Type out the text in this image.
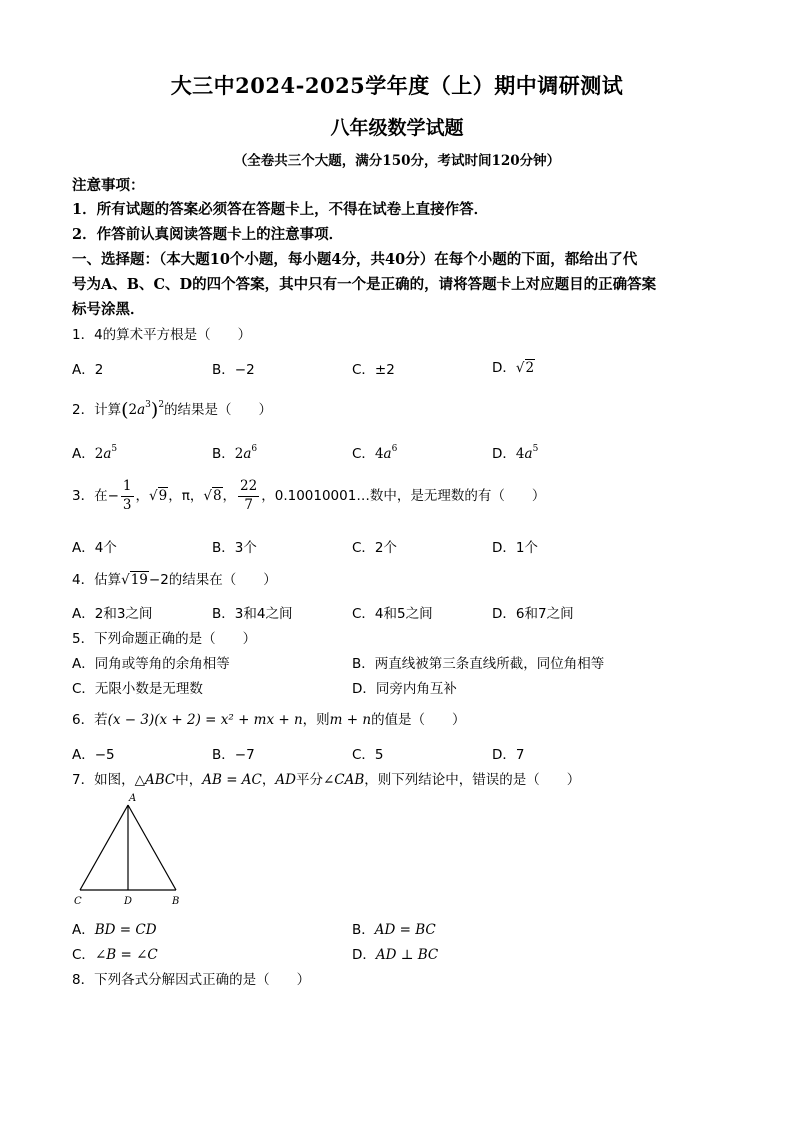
大三中2024-2025学年度（上）期中调研测试
八年级数学试题
（全卷共三个大题，满分150分，考试时间120分钟）
注意事项：
1．所有试题的答案必须答在答题卡上，不得在试卷上直接作答．
2．作答前认真阅读答题卡上的注意事项．
一、选择题：（本大题10个小题，每小题4分，共40分）在每个小题的下面，都给出了代
号为A、B、C、D的四个答案，其中只有一个是正确的，请将答题卡上对应题目的正确答案
标号涂黑．
1．4的算术平方根是（　　）
A．2	B．−2	C．±2	D．√2
2．计算$(2a^3)^2$的结果是（　　）
A．$2a^5$	B．$2a^6$	C．$4a^6$	D．$4a^5$
3．在− $\frac{1}{3}$ ，√9，π，√8， $\frac{22}{7}$ ，0.10010001…数中，是无理数的有（　　）
A．4个	B．3个	C．2个	D．1个
4．估算√19−2的结果在（　　）
A．2和3之间	B．3和4之间	C．4和5之间	D．6和7之间
5．下列命题正确的是（　　）
A．同角或等角的余角相等	B．两直线被第三条直线所截，同位角相等
C．无限小数是无理数	D．同旁内角互补
6．若(x − 3)(x + 2) = x² + mx + n，则m + n的值是（　　）
A．−5	B．−7	C．5	D．7
7．如图，△ABC中，AB = AC，AD平分∠CAB，则下列结论中，错误的是（　　）
A
C	D	B
A．BD = CD	B．AD = BC
C．∠B = ∠C	D．AD ⊥ BC
8．下列各式分解因式正确的是（　　）
